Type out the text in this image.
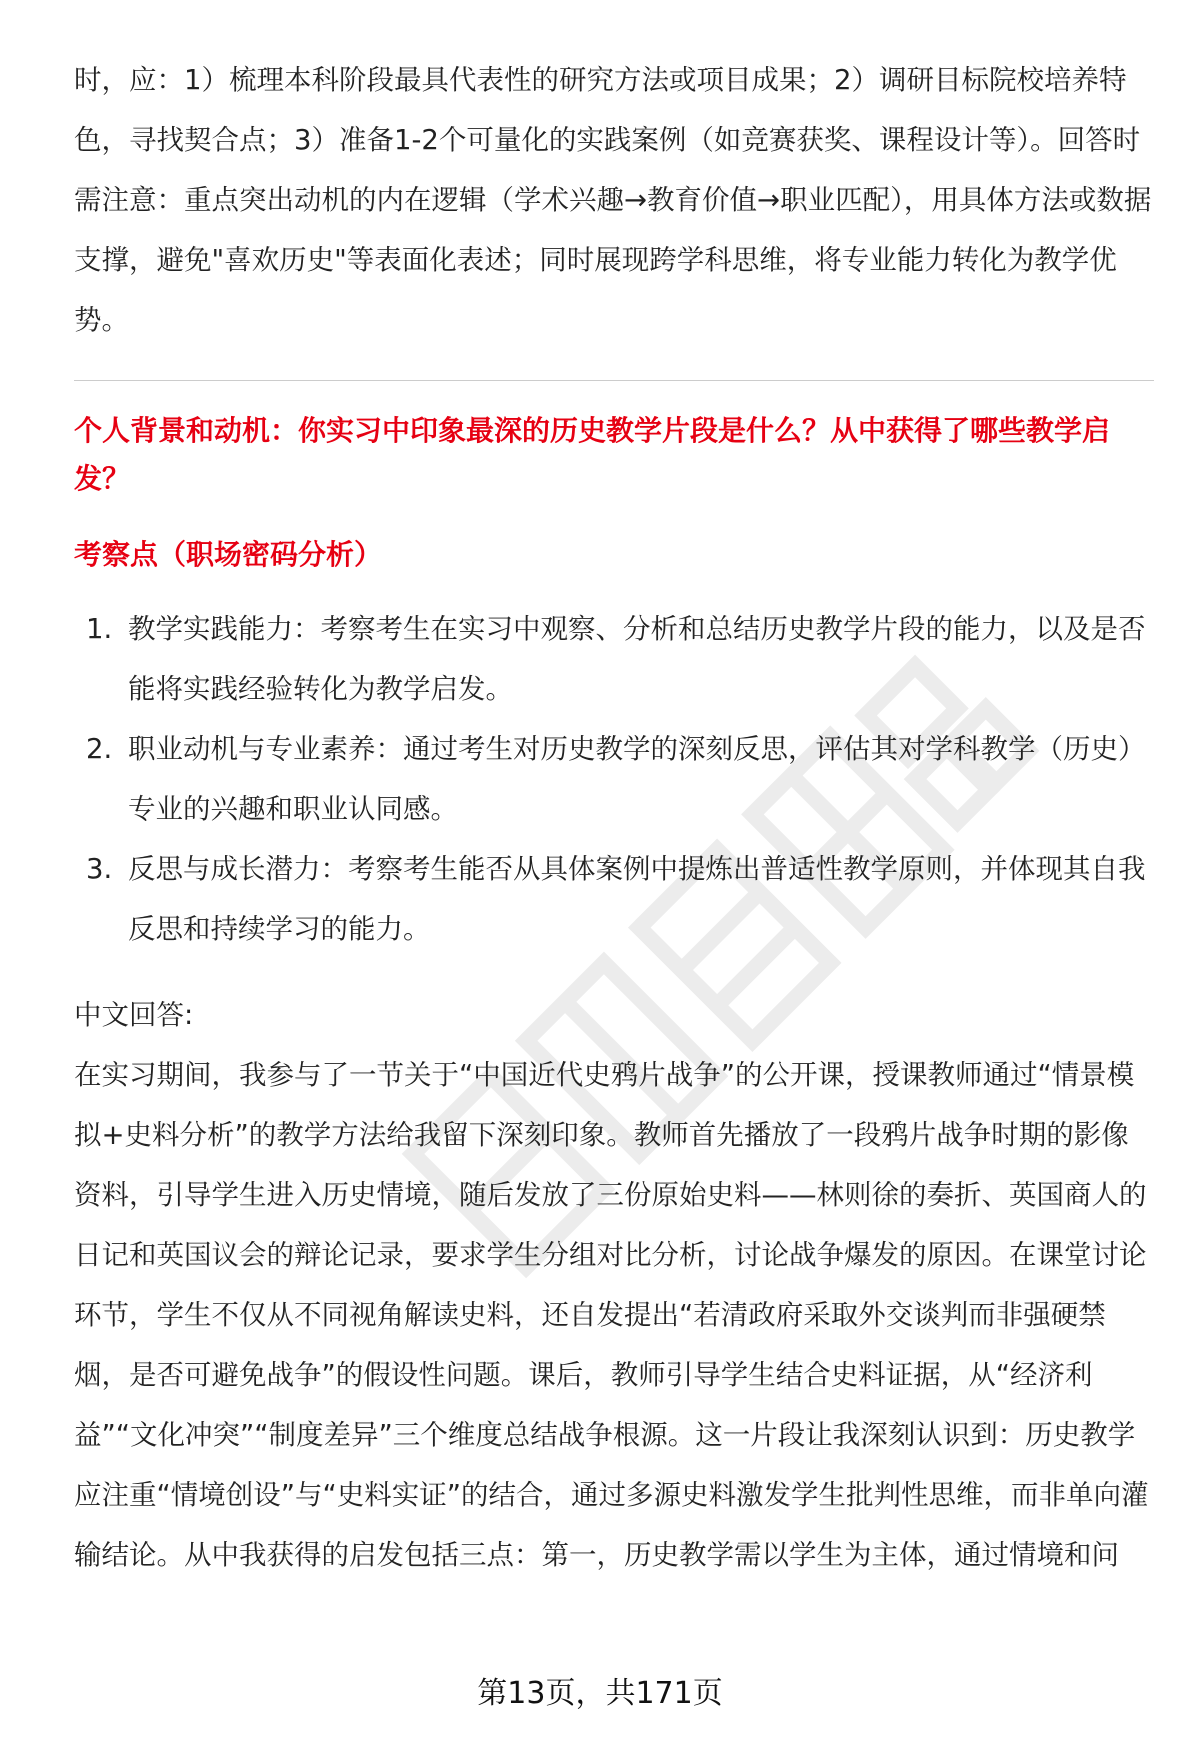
时，应：1）梳理本科阶段最具代表性的研究方法或项目成果；2）调研目标院校培养特色，寻找契合点；3）准备1-2个可量化的实践案例（如竞赛获奖、课程设计等）。回答时需注意：重点突出动机的内在逻辑（学术兴趣→教育价值→职业匹配），用具体方法或数据支撑，避免"喜欢历史"等表面化表述；同时展现跨学科思维，将专业能力转化为教学优势。

个人背景和动机：你实习中印象最深的历史教学片段是什么？从中获得了哪些教学启发？
考察点（职场密码分析）
1. 教学实践能力：考察考生在实习中观察、分析和总结历史教学片段的能力，以及是否能将实践经验转化为教学启发。
2. 职业动机与专业素养：通过考生对历史教学的深刻反思，评估其对学科教学（历史）专业的兴趣和职业认同感。
3. 反思与成长潜力：考察考生能否从具体案例中提炼出普适性教学原则，并体现其自我反思和持续学习的能力。

中文回答:

在实习期间，我参与了一节关于“中国近代史鸦片战争”的公开课，授课教师通过“情景模拟+史料分析”的教学方法给我留下深刻印象。教师首先播放了一段鸦片战争时期的影像资料，引导学生进入历史情境，随后发放了三份原始史料——林则徐的奏折、英国商人的日记和英国议会的辩论记录，要求学生分组对比分析，讨论战争爆发的原因。在课堂讨论环节，学生不仅从不同视角解读史料，还自发提出“若清政府采取外交谈判而非强硬禁烟，是否可避免战争”的假设性问题。课后，教师引导学生结合史料证据，从“经济利益”“文化冲突”“制度差异”三个维度总结战争根源。这一片段让我深刻认识到：历史教学应注重“情境创设”与“史料实证”的结合，通过多源史料激发学生批判性思维，而非单向灌输结论。从中我获得的启发包括三点：第一，历史教学需以学生为主体，通过情境和问

第13页，共171页
